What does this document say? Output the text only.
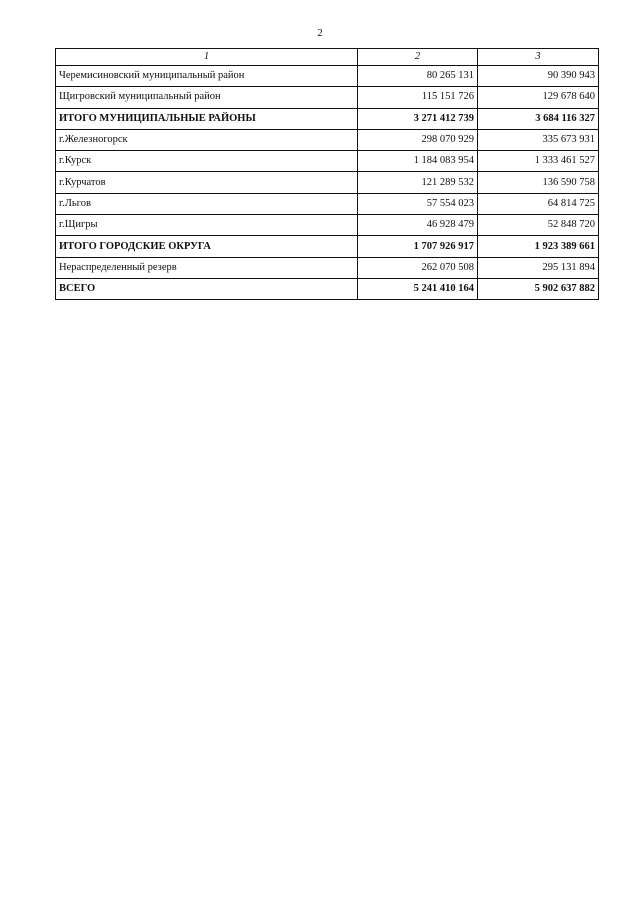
2
1	2	3
Черемисиновский муниципальный район	80 265 131	90 390 943
Щигровский муниципальный район	115 151 726	129 678 640
ИТОГО МУНИЦИПАЛЬНЫЕ РАЙОНЫ	3 271 412 739	3 684 116 327
г.Железногорск	298 070 929	335 673 931
г.Курск	1 184 083 954	1 333 461 527
г.Курчатов	121 289 532	136 590 758
г.Льгов	57 554 023	64 814 725
г.Щигры	46 928 479	52 848 720
ИТОГО ГОРОДСКИЕ ОКРУГА	1 707 926 917	1 923 389 661
Нераспределенный резерв	262 070 508	295 131 894
ВСЕГО	5 241 410 164	5 902 637 882
